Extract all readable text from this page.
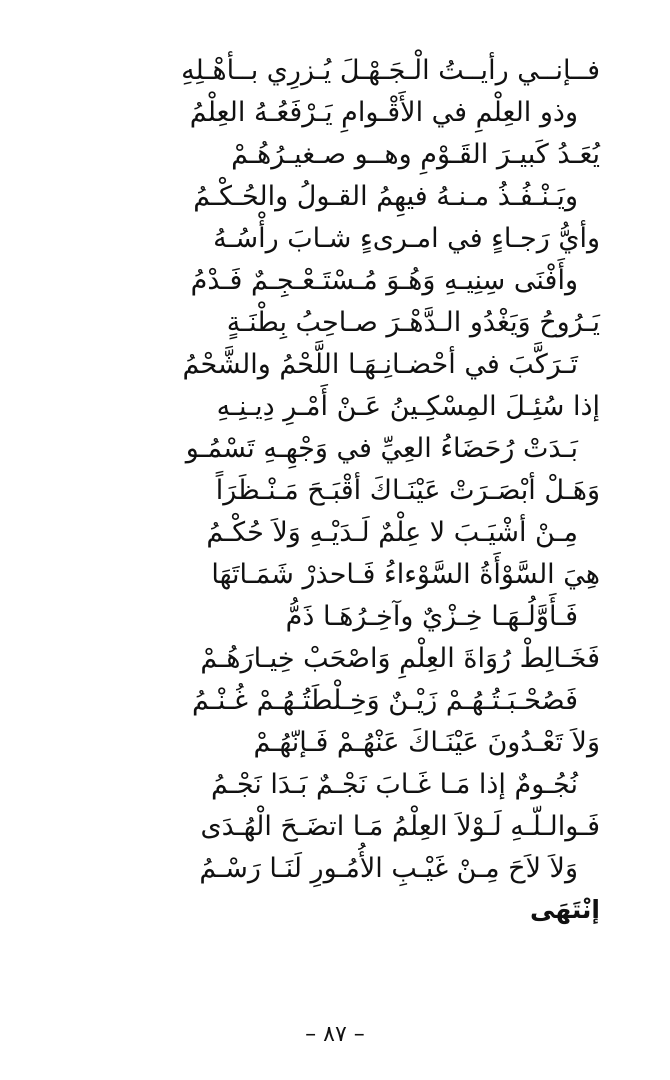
فــإنــي رأيــتُ الْـجَـهْـلَ يُـزرِي بــأهْـلِهِ
وذو العِلْمِ في الأَقْـوامِ يَـرْفَعُـهُ العِلْمُ
يُعَـدُ كَبيـرَ القَـوْمِ وهــو صـغيـرُهُـمْ
ويَـنْـفُـذُ مـنـهُ فيهِمُ القـولُ والحُـكْـمُ
وأيُّ رَجـاءٍ في امـرىءٍ شـابَ رأْسُـهُ
وأَفْنَى سِنِيـهِ وَهُـوَ مُـسْتَـعْـجِـمٌ فَـدْمُ
يَـرُوحُ وَيَغْدُو الـدَّهْـرَ صـاحِبُ بِطْنَـةٍ
تَـرَكَّبَ في أحْضـانِـهَـا اللَّحْمُ والشَّحْمُ
إذا سُئِـلَ المِسْكِـينُ عَـنْ أَمْـرِ دِيـنِـهِ
بَـدَتْ رُحَضَاءُ العِيِّ في وَجْهِـهِ تَسْمُـو
وَهَـلْ أبْصَـرَتْ عَيْنَـاكَ أقْبَـحَ مَـنْـظَرَاً
مِـنْ أشْيَـبَ لا عِلْمٌ لَـدَيْـهِ وَلاَ حُكْـمُ
هِيَ السَّوْأَةُ السَّوْءاءُ فَـاحذرْ شَمَـاتَهَا
فَـأَوَّلُـهَـا خِـزْيٌ وآخِـرُهَـا ذَمُّ
فَخَـالِطْ رُوَاةَ العِلْمِ وَاصْحَبْ خِيـارَهُـمْ
فَصُحْـبَـتُـهُـمْ زَيْـنٌ وَخِـلْطَتُـهُـمْ غُـنْـمُ
وَلاَ تَعْـدُونَ عَيْنَـاكَ عَنْهُـمْ فَـإنّهُـمْ
نُجُـومٌ إذا مَـا غَـابَ نَجْـمٌ بَـدَا نَجْـمُ
فَـوالـلّـهِ لَـوْلاَ العِلْمُ مَـا اتضَـحَ الْهُـدَى
وَلاَ لاَحَ مِـنْ غَيْـبِ الأُمُـورِ لَنَـا رَسْـمُ
إنْتَهَى
– ٨٧ –
